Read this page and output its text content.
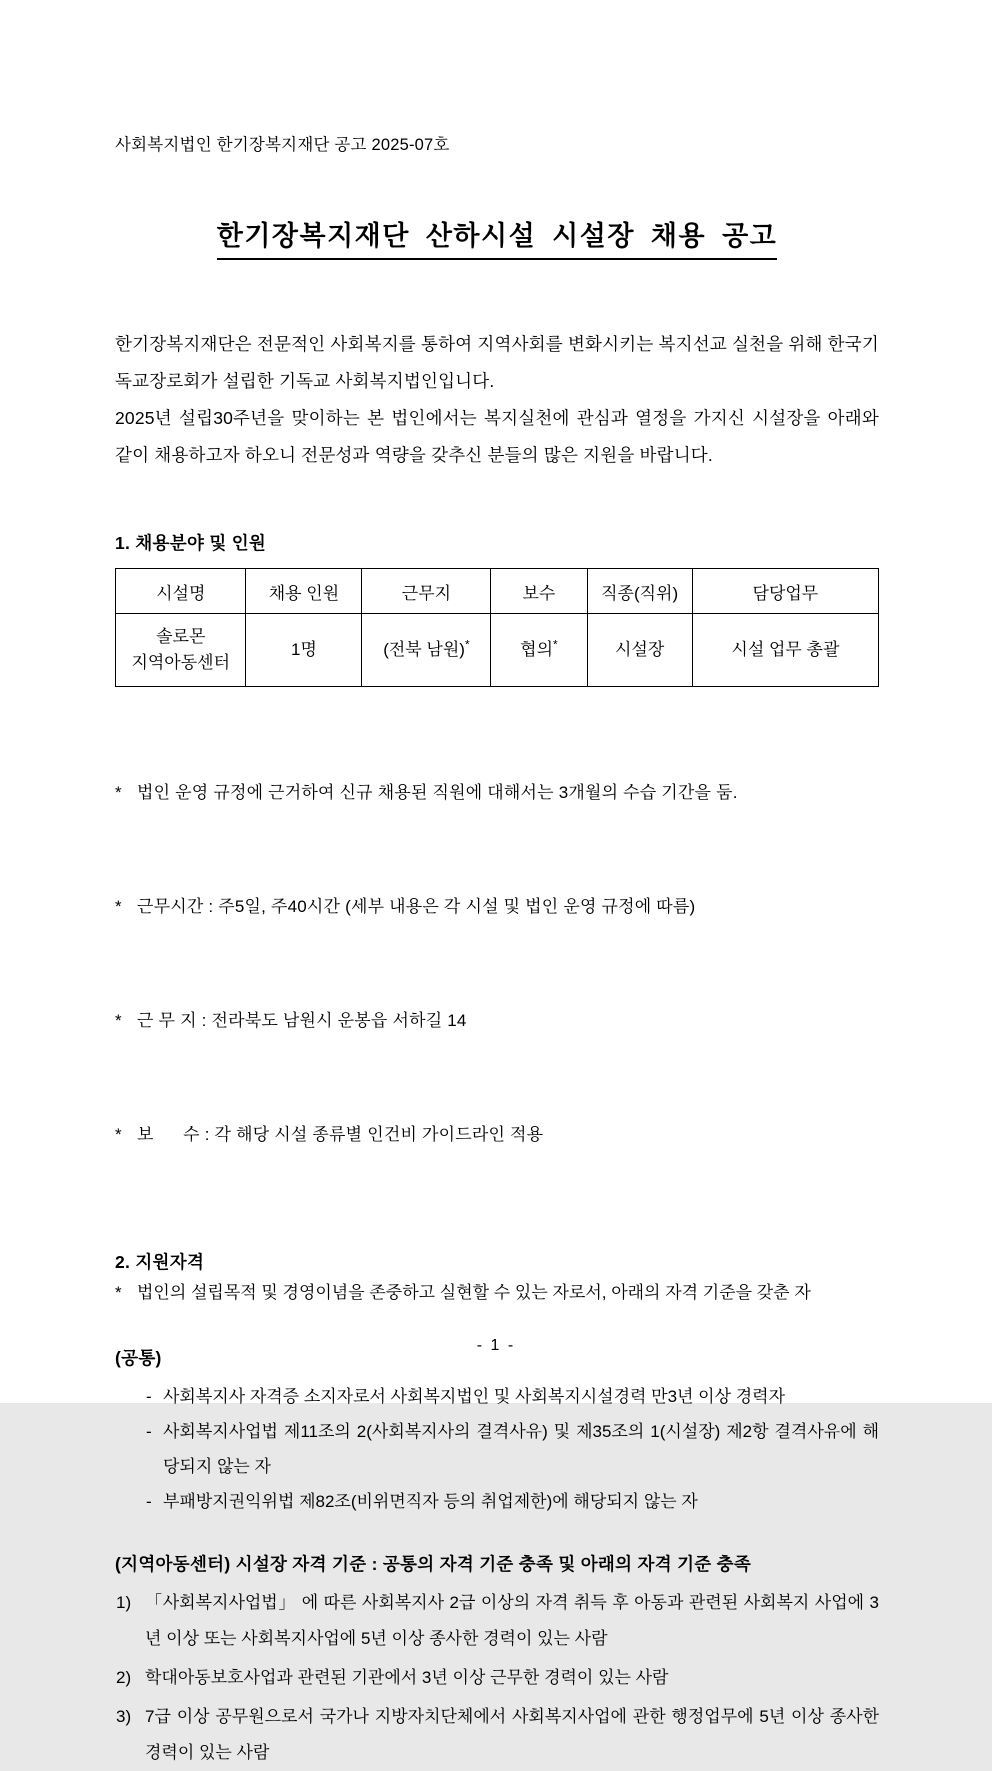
사회복지법인 한기장복지재단 공고 2025-07호
한기장복지재단 산하시설 시설장 채용 공고

한기장복지재단은 전문적인 사회복지를 통하여 지역사회를 변화시키는 복지선교 실천을 위해 한국기독교장로회가 설립한 기독교 사회복지법인입니다.

2025년 설립30주년을 맞이하는 본 법인에서는 복지실천에 관심과 열정을 가지신 시설장을 아래와 같이 채용하고자 하오니 전문성과 역량을 갖추신 분들의 많은 지원을 바랍니다.

1. 채용분야 및 인원
시설명	채용 인원	근무지	보수	직종(직위)	담당업무

솔로몬
지역아동센터	1명	(전북 남원)*	협의*	시설장	시설 업무 총괄

* 법인 운영 규정에 근거하여 신규 채용된 직원에 대해서는 3개월의 수습 기간을 둠.

* 근무시간 : 주5일, 주40시간 (세부 내용은 각 시설 및 법인 운영 규정에 따름)

* 근 무 지 : 전라북도 남원시 운봉읍 서하길 14

* 보      수 : 각 해당 시설 종류별 인건비 가이드라인 적용

2. 지원자격
* 법인의 설립목적 및 경영이념을 존중하고 실현할 수 있는 자로서, 아래의 자격 기준을 갖춘 자
(공통)
- 사회복지사 자격증 소지자로서 사회복지법인 및 사회복지시설경력 만3년 이상 경력자
- 사회복지사업법 제11조의 2(사회복지사의 결격사유) 및 제35조의 1(시설장) 제2항 결격사유에 해당되지 않는 자
- 부패방지권익위법 제82조(비위면직자 등의 취업제한)에 해당되지 않는 자
(지역아동센터) 시설장 자격 기준 : 공통의 자격 기준 충족 및 아래의 자격 기준 충족
1) 「사회복지사업법」 에 따른 사회복지사 2급 이상의 자격 취득 후 아동과 관련된 사회복지 사업에 3년 이상 또는 사회복지사업에 5년 이상 종사한 경력이 있는 사람
2) 학대아동보호사업과 관련된 기관에서 3년 이상 근무한 경력이 있는 사람
3) 7급 이상 공무원으로서 국가나 지방자치단체에서 사회복지사업에 관한 행정업무에 5년 이상 종사한 경력이 있는 사람
- 1 -
